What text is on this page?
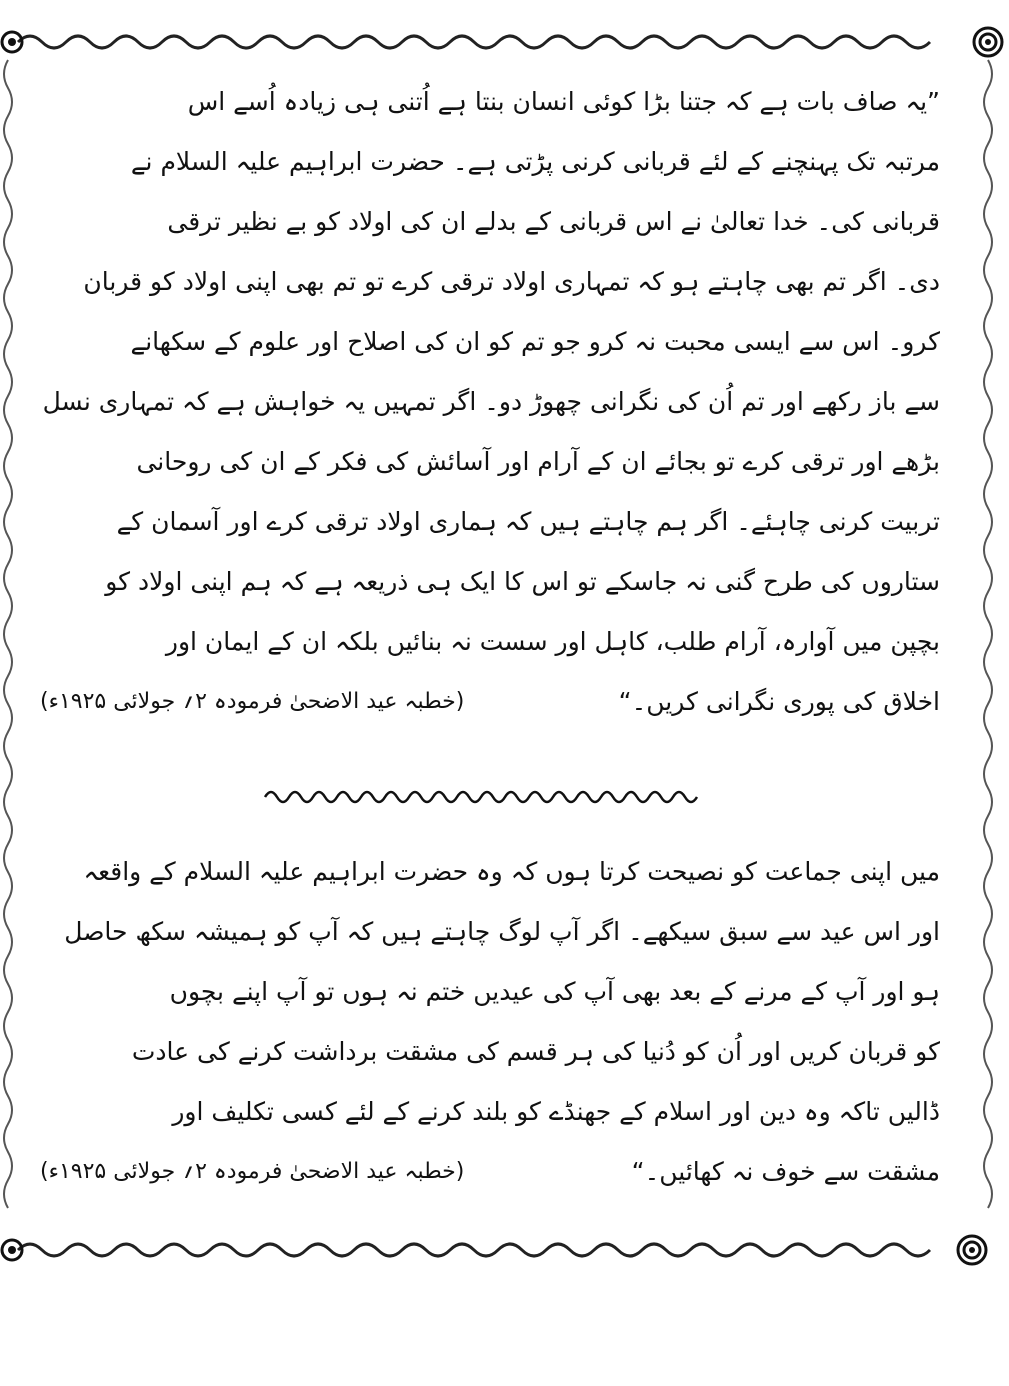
”یہ صاف بات ہے کہ جتنا بڑا کوئی انسان بنتا ہے اُتنی ہی زیادہ اُسے اس
مرتبہ تک پہنچنے کے لئے قربانی کرنی پڑتی ہے۔ حضرت ابراہیم علیہ السلام نے
قربانی کی۔ خدا تعالیٰ نے اس قربانی کے بدلے ان کی اولاد کو بے نظیر ترقی
دی۔ اگر تم بھی چاہتے ہو کہ تمہاری اولاد ترقی کرے تو تم بھی اپنی اولاد کو قربان
کرو۔ اس سے ایسی محبت نہ کرو جو تم کو ان کی اصلاح اور علوم کے سکھانے
سے باز رکھے اور تم اُن کی نگرانی چھوڑ دو۔ اگر تمہیں یہ خواہش ہے کہ تمہاری نسل
بڑھے اور ترقی کرے تو بجائے ان کے آرام اور آسائش کی فکر کے ان کی روحانی
تربیت کرنی چاہئے۔ اگر ہم چاہتے ہیں کہ ہماری اولاد ترقی کرے اور آسمان کے
ستاروں کی طرح گنی نہ جاسکے تو اس کا ایک ہی ذریعہ ہے کہ ہم اپنی اولاد کو
بچپن میں آوارہ، آرام طلب، کاہل اور سست نہ بنائیں بلکہ ان کے ایمان اور
اخلاق کی پوری نگرانی کریں۔“
(خطبہ عید الاضحیٰ فرمودہ ۲؍ جولائی ۱۹۲۵ء)
میں اپنی جماعت کو نصیحت کرتا ہوں کہ وہ حضرت ابراہیم علیہ السلام کے واقعہ
اور اس عید سے سبق سیکھے۔ اگر آپ لوگ چاہتے ہیں کہ آپ کو ہمیشہ سکھ حاصل
ہو اور آپ کے مرنے کے بعد بھی آپ کی عیدیں ختم نہ ہوں تو آپ اپنے بچوں
کو قربان کریں اور اُن کو دُنیا کی ہر قسم کی مشقت برداشت کرنے کی عادت
ڈالیں تاکہ وہ دین اور اسلام کے جھنڈے کو بلند کرنے کے لئے کسی تکلیف اور
مشقت سے خوف نہ کھائیں۔“
(خطبہ عید الاضحیٰ فرمودہ ۲؍ جولائی ۱۹۲۵ء)
